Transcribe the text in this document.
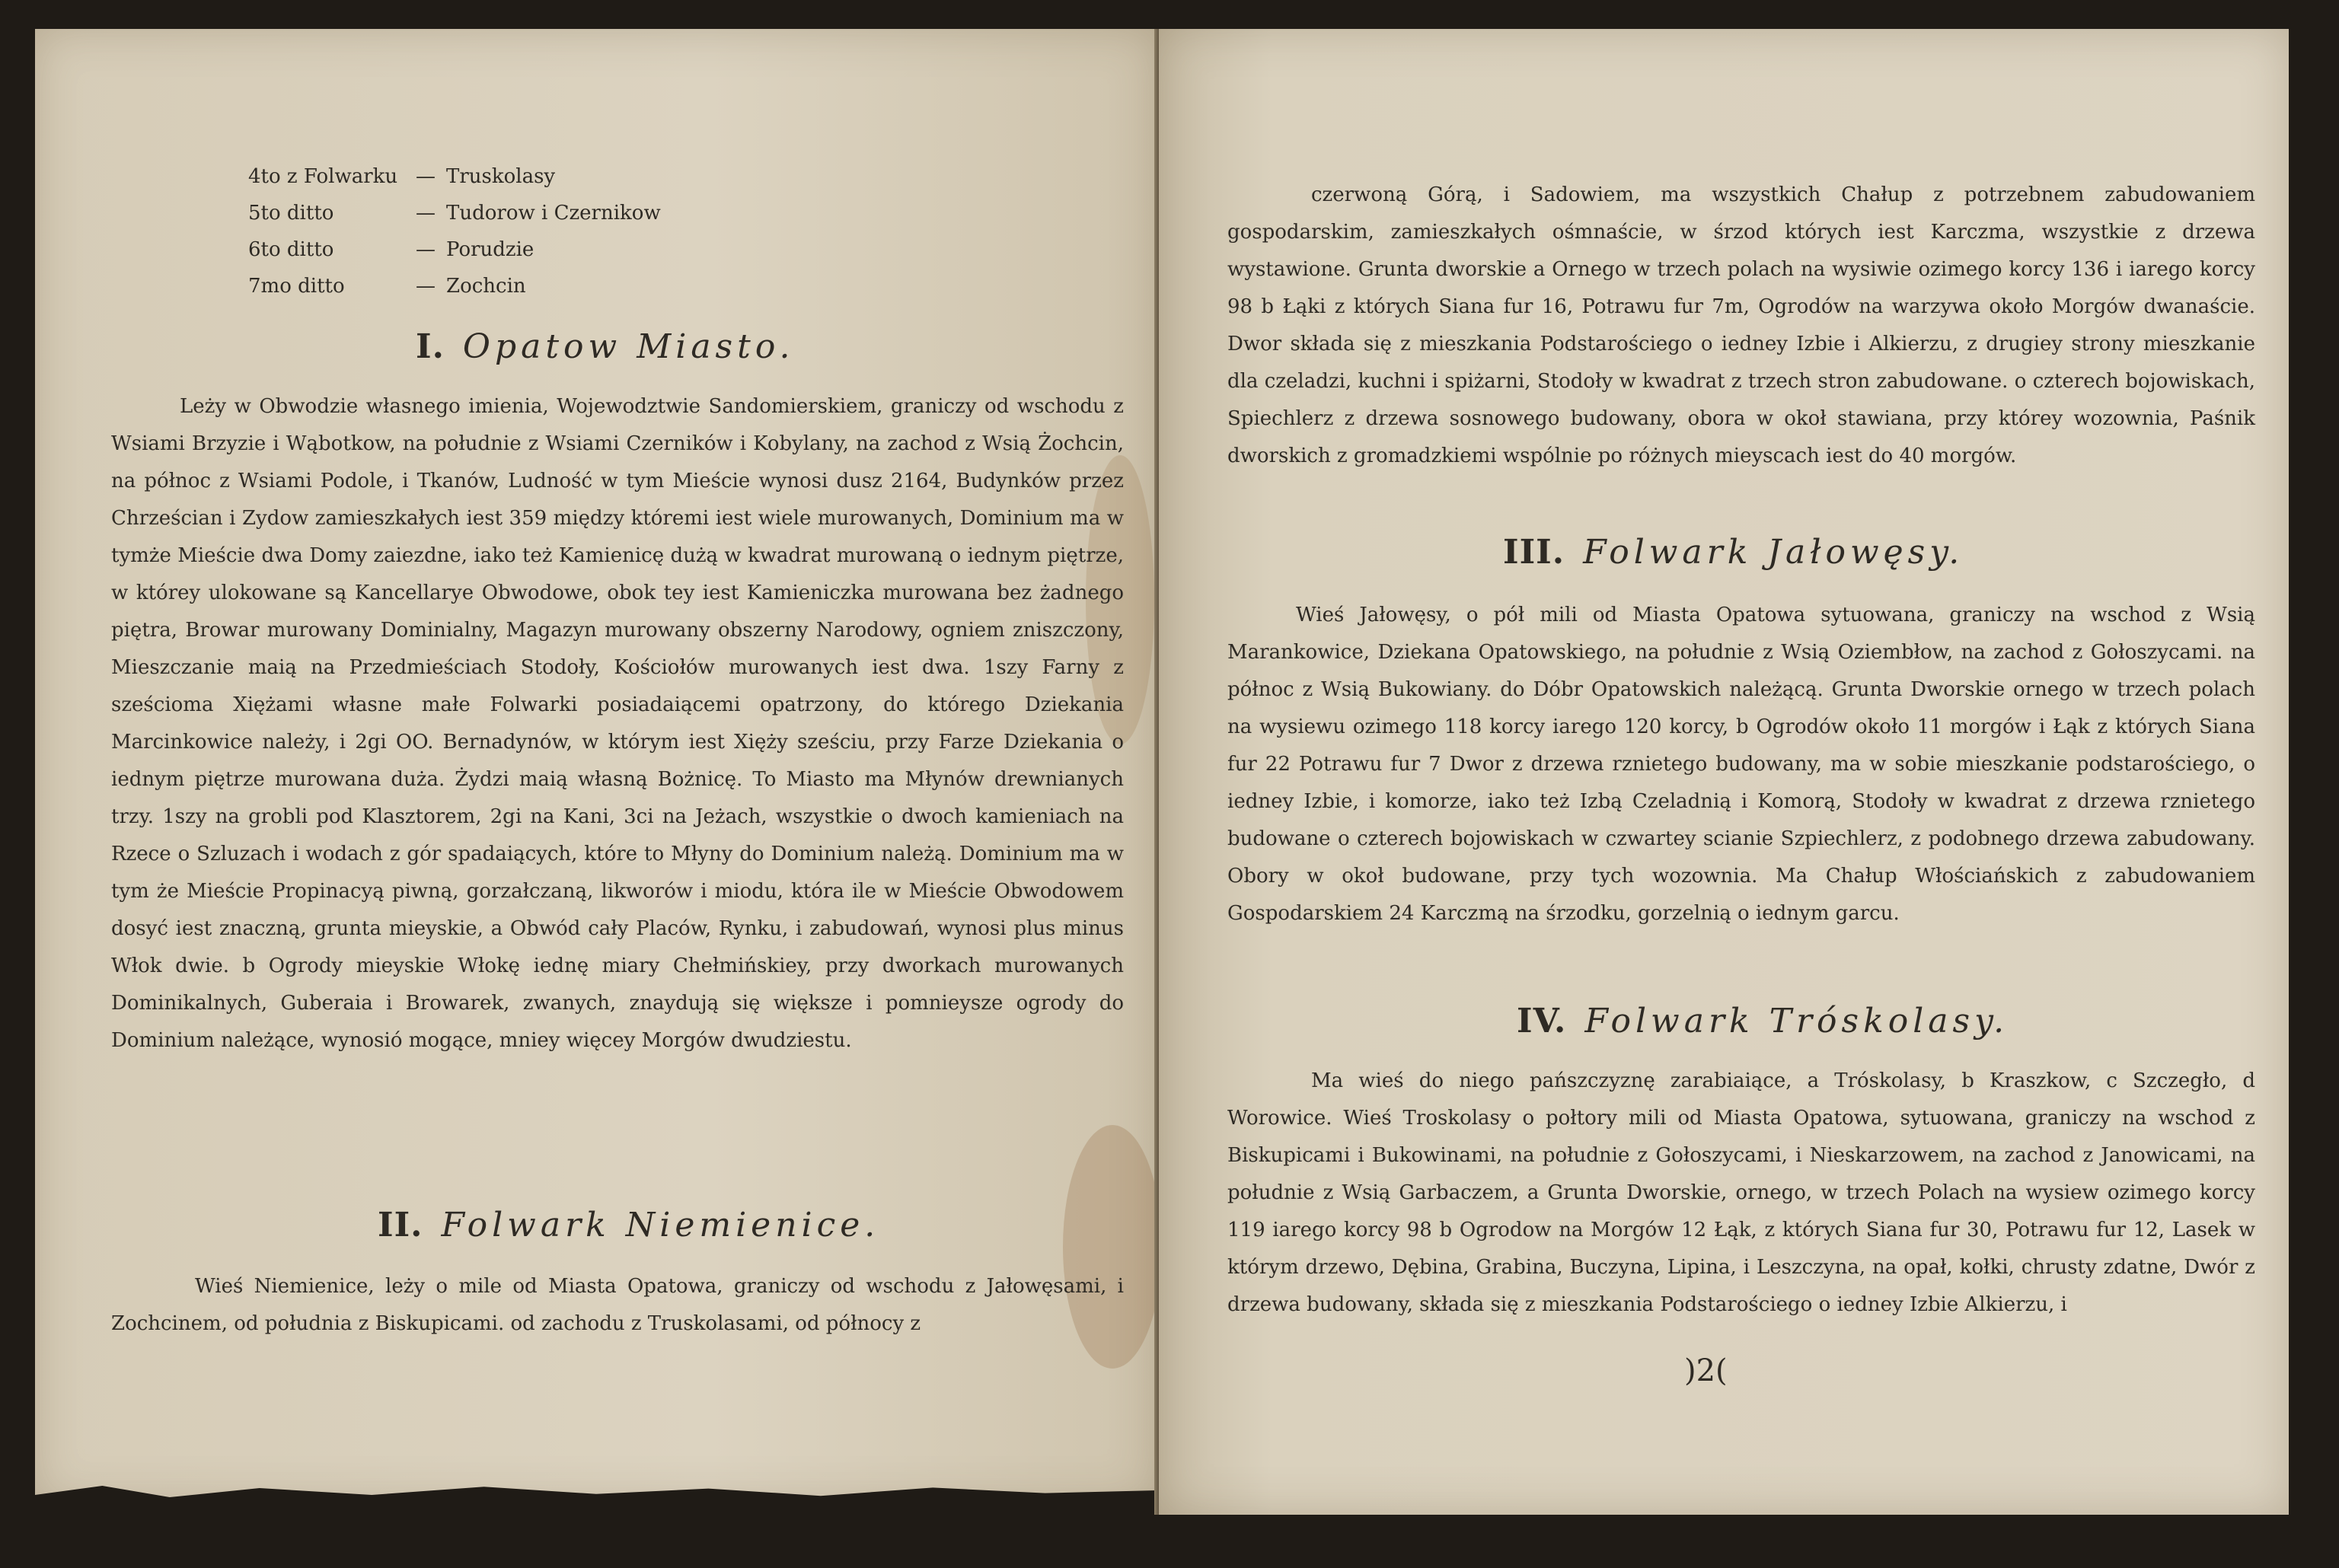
4to z Folwarku — Truskolasy
5to ditto	— Tudorow i Czernikow
6to ditto	— Porudzie
7mo ditto	— Zochcin
I. Opatow Miasto.
Leży w Obwodzie własnego imienia, Wojewodztwie Sandomierskiem, graniczy od wschodu z Wsiami Brzyzie i Wąbotkow, na południe z Wsiami Czerników i Kobylany, na zachod z Wsią Żochcin, na północ z Wsiami Podole, i Tkanów, Ludność w tym Mieście wynosi dusz 2164, Budynków przez Chrześcian i Zydow zamieszkałych iest 359 między któremi iest wiele murowanych, Dominium ma w tymże Mieście dwa Domy zaiezdne, iako też Kamienicę dużą w kwadrat murowaną o iednym piętrze, w którey ulokowane są Kancellarye Obwodowe, obok tey iest Kamieniczka murowana bez żadnego piętra, Browar murowany Dominialny, Magazyn murowany obszerny Narodowy, ogniem zniszczony, Mieszczanie maią na Przedmieściach Stodoły, Kościołów murowanych iest dwa. 1szy Farny z sześcioma Xiężami własne małe Folwarki posiadaiącemi opatrzony, do którego Dziekania Marcinkowice należy, i 2gi OO. Bernadynów, w którym iest Xięży sześciu, przy Farze Dziekania o iednym piętrze murowana duża. Żydzi maią własną Bożnicę. To Miasto ma Młynów drewnianych trzy. 1szy na grobli pod Klasztorem, 2gi na Kani, 3ci na Jeżach, wszystkie o dwoch kamieniach na Rzece o Szluzach i wodach z gór spadaiących, które to Młyny do Dominium należą. Dominium ma w tym że Mieście Propinacyą piwną, gorzałczaną, likworów i miodu, która ile w Mieście Obwodowem dosyć iest znaczną, grunta mieyskie, a Obwód cały Placów, Rynku, i zabudowań, wynosi plus minus Włok dwie. b Ogrody mieyskie Włokę iednę miary Chełmińskiey, przy dworkach murowanych Dominikalnych, Guberaia i Browarek, zwanych, znaydują się większe i pomnieysze ogrody do Dominium należące, wynosió mogące, mniey więcey Morgów dwudziestu.
II. Folwark Niemienice.
Wieś Niemienice, leży o mile od Miasta Opatowa, graniczy od wschodu z Jałowęsami, i Zochcinem, od południa z Biskupicami. od zachodu z Truskolasami, od północy z
czerwoną Górą, i Sadowiem, ma wszystkich Chałup z potrzebnem zabudowaniem gospodarskim, zamieszkałych ośmnaście, w śrzod których iest Karczma, wszystkie z drzewa wystawione. Grunta dworskie a Ornego w trzech polach na wysiwie ozimego korcy 136 i iarego korcy 98 b Łąki z których Siana fur 16, Potrawu fur 7m, Ogrodów na warzywa około Morgów dwanaście. Dwor składa się z mieszkania Podstarościego o iedney Izbie i Alkierzu, z drugiey strony mieszkanie dla czeladzi, kuchni i spiżarni, Stodoły w kwadrat z trzech stron zabudowane. o czterech bojowiskach, Spiechlerz z drzewa sosnowego budowany, obora w okoł stawiana, przy którey wozownia, Paśnik dworskich z gromadzkiemi wspólnie po różnych mieyscach iest do 40 morgów.
III. Folwark Jałowęsy.
Wieś Jałowęsy, o pół mili od Miasta Opatowa sytuowana, graniczy na wschod z Wsią Marankowice, Dziekana Opatowskiego, na południe z Wsią Oziembłow, na zachod z Gołoszycami. na północ z Wsią Bukowiany. do Dóbr Opatowskich należącą. Grunta Dworskie ornego w trzech polach na wysiewu ozimego 118 korcy iarego 120 korcy, b Ogrodów około 11 morgów i Łąk z których Siana fur 22 Potrawu fur 7 Dwor z drzewa rznietego budowany, ma w sobie mieszkanie podstarościego, o iedney Izbie, i komorze, iako też Izbą Czeladnią i Komorą, Stodoły w kwadrat z drzewa rznietego budowane o czterech bojowiskach w czwartey scianie Szpiechlerz, z podobnego drzewa zabudowany. Obory w okoł budowane, przy tych wozownia. Ma Chałup Włościańskich z zabudowaniem Gospodarskiem 24 Karczmą na śrzodku, gorzelnią o iednym garcu.
IV. Folwark Tróskolasy.
Ma wieś do niego pańszczyznę zarabiaiące, a Tróskolasy, b Kraszkow, c Szczegło, d Worowice. Wieś Troskolasy o połtory mili od Miasta Opatowa, sytuowana, graniczy na wschod z Biskupicami i Bukowinami, na południe z Gołoszycami, i Nieskarzowem, na zachod z Janowicami, na południe z Wsią Garbaczem, a Grunta Dworskie, ornego, w trzech Polach na wysiew ozimego korcy 119 iarego korcy 98 b Ogrodow na Morgów 12 Łąk, z których Siana fur 30, Potrawu fur 12, Lasek w którym drzewo, Dębina, Grabina, Buczyna, Lipina, i Leszczyna, na opał, kołki, chrusty zdatne, Dwór z drzewa budowany, składa się z mieszkania Podstarościego o iedney Izbie Alkierzu, i
)2(
